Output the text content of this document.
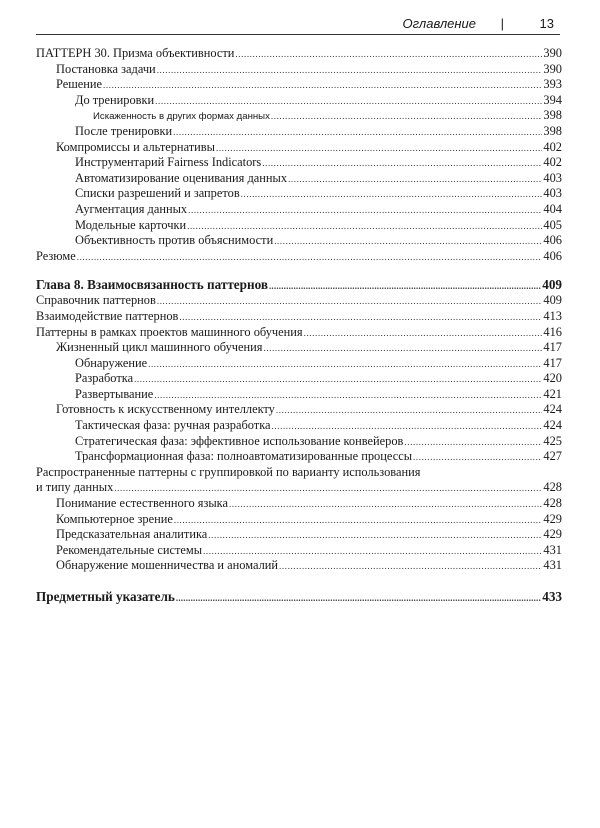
Оглавление |	13
ПАТТЕРН 30. Призма объективности .....	390
Постановка задачи .....	390
Решение .....	393
До тренировки .....	394
Искаженность в других формах данных .....	398
После тренировки .....	398
Компромиссы и альтернативы .....	402
Инструментарий Fairness Indicators .....	402
Автоматизирование оценивания данных .....	403
Списки разрешений и запретов .....	403
Аугментация данных .....	404
Модельные карточки .....	405
Объективность против объяснимости .....	406
Резюме .....	406
Глава 8. Взаимосвязанность паттернов .....	409
Справочник паттернов .....	409
Взаимодействие паттернов .....	413
Паттерны в рамках проектов машинного обучения .....	416
Жизненный цикл машинного обучения .....	417
Обнаружение .....	417
Разработка .....	420
Развертывание .....	421
Готовность к искусственному интеллекту .....	424
Тактическая фаза: ручная разработка .....	424
Стратегическая фаза: эффективное использование конвейеров .....	425
Трансформационная фаза: полноавтоматизированные процессы .....	427
Распространенные паттерны с группировкой по варианту использования
и типу данных .....	428
Понимание естественного языка .....	428
Компьютерное зрение .....	429
Предсказательная аналитика .....	429
Рекомендательные системы .....	431
Обнаружение мошенничества и аномалий .....	431
Предметный указатель .....	433
